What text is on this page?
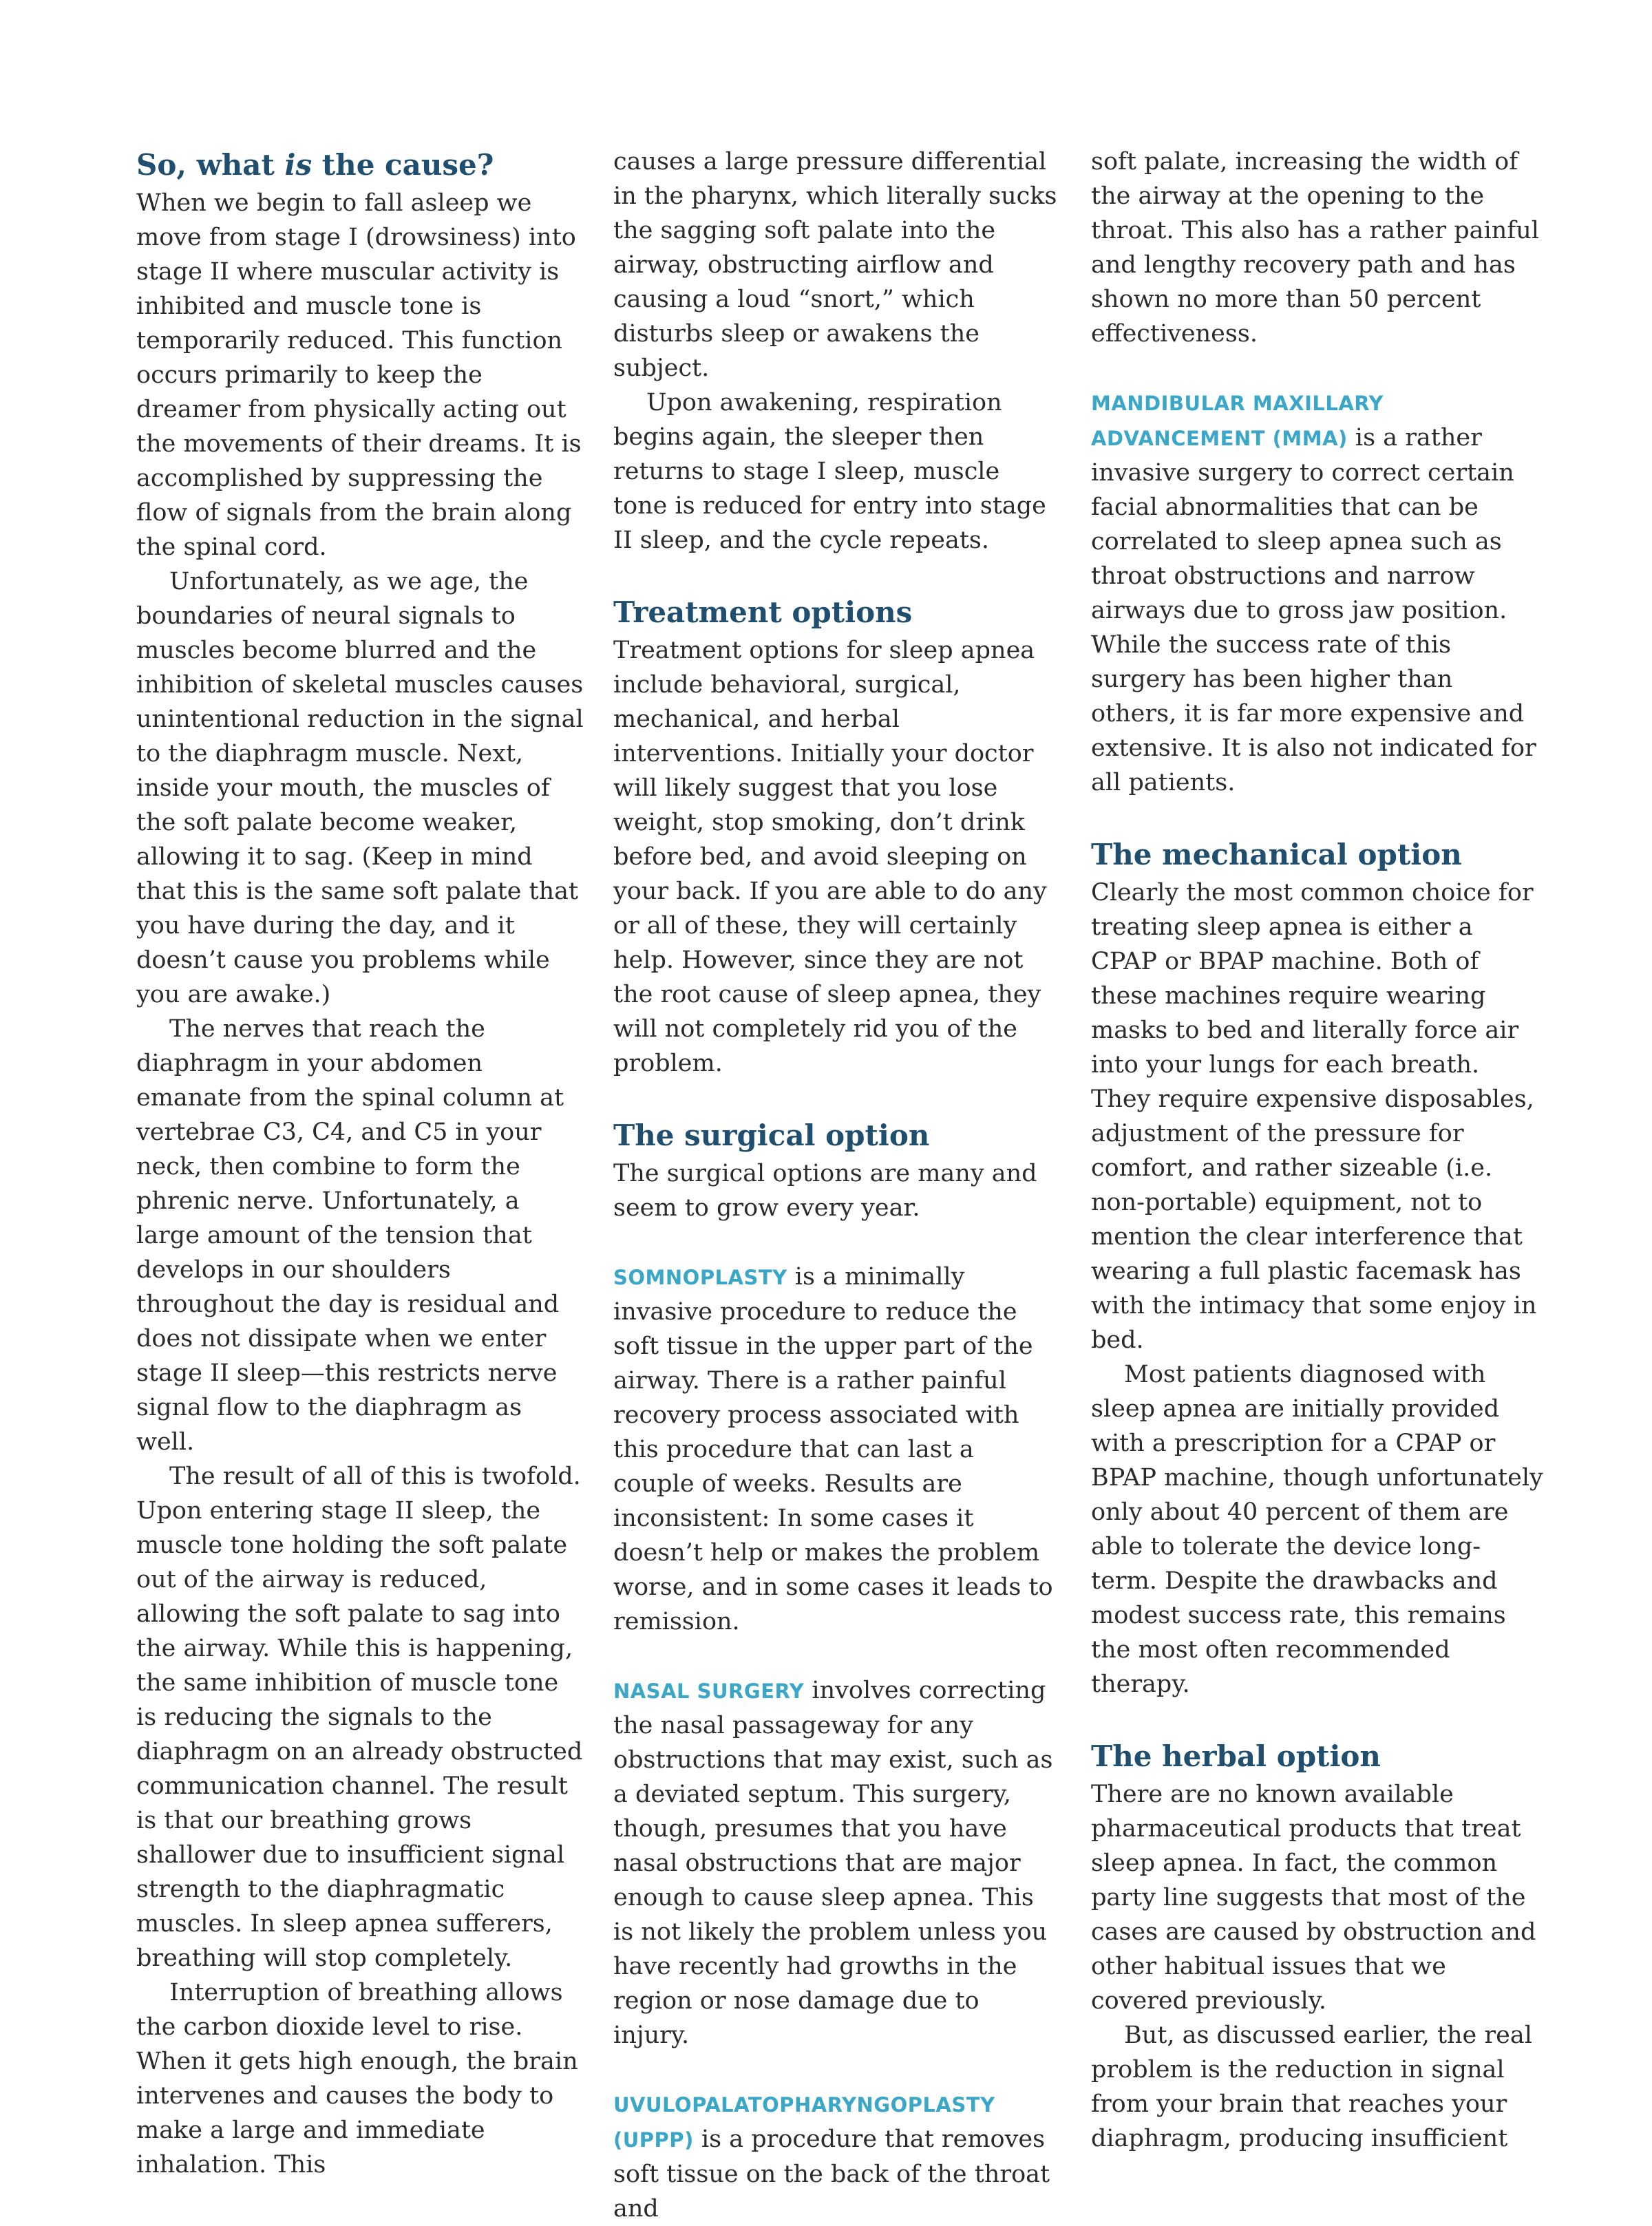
So, what is the cause?

When we begin to fall asleep we move from stage I (drowsiness) into stage II where muscular activity is inhibited and muscle tone is temporarily reduced. This function occurs primarily to keep the dreamer from physically acting out the movements of their dreams. It is accomplished by suppressing the flow of signals from the brain along the spinal cord.

Unfortunately, as we age, the boundaries of neural signals to muscles become blurred and the inhibition of skeletal muscles causes unintentional reduction in the signal to the diaphragm muscle. Next, inside your mouth, the muscles of the soft palate become weaker, allowing it to sag. (Keep in mind that this is the same soft palate that you have during the day, and it doesn’t cause you problems while you are awake.)

The nerves that reach the diaphragm in your abdomen emanate from the spinal column at vertebrae C3, C4, and C5 in your neck, then combine to form the phrenic nerve. Unfortunately, a large amount of the tension that develops in our shoulders throughout the day is residual and does not dissipate when we enter stage II sleep—this restricts nerve signal flow to the diaphragm as well.

The result of all of this is twofold. Upon entering stage II sleep, the muscle tone holding the soft palate out of the airway is reduced, allowing the soft palate to sag into the airway. While this is happening, the same inhibition of muscle tone is reducing the signals to the diaphragm on an already obstructed communication channel. The result is that our breathing grows shallower due to insufficient signal strength to the diaphragmatic muscles. In sleep apnea sufferers, breathing will stop completely.

Interruption of breathing allows the carbon dioxide level to rise. When it gets high enough, the brain intervenes and causes the body to make a large and immediate inhalation. This

causes a large pressure differential in the pharynx, which literally sucks the sagging soft palate into the airway, obstructing airflow and causing a loud “snort,” which disturbs sleep or awakens the subject.

Upon awakening, respiration begins again, the sleeper then returns to stage I sleep, muscle tone is reduced for entry into stage II sleep, and the cycle repeats.

Treatment options

Treatment options for sleep apnea include behavioral, surgical, mechanical, and herbal interventions. Initially your doctor will likely suggest that you lose weight, stop smoking, don’t drink before bed, and avoid sleeping on your back. If you are able to do any or all of these, they will certainly help. However, since they are not the root cause of sleep apnea, they will not completely rid you of the problem.

The surgical option

The surgical options are many and seem to grow every year.

SOMNOPLASTY is a minimally invasive procedure to reduce the soft tissue in the upper part of the airway. There is a rather painful recovery process associated with this procedure that can last a couple of weeks. Results are inconsistent: In some cases it doesn’t help or makes the problem worse, and in some cases it leads to remission.

NASAL SURGERY involves correcting the nasal passageway for any obstructions that may exist, such as a deviated septum. This surgery, though, presumes that you have nasal obstructions that are major enough to cause sleep apnea. This is not likely the problem unless you have recently had growths in the region or nose damage due to injury.

UVULOPALATOPHARYNGOPLASTY (UPPP) is a procedure that removes soft tissue on the back of the throat and

soft palate, increasing the width of the airway at the opening to the throat. This also has a rather painful and lengthy recovery path and has shown no more than 50 percent effectiveness.

MANDIBULAR MAXILLARY ADVANCEMENT (MMA) is a rather invasive surgery to correct certain facial abnormalities that can be correlated to sleep apnea such as throat obstructions and narrow airways due to gross jaw position. While the success rate of this surgery has been higher than others, it is far more expensive and extensive. It is also not indicated for all patients.

The mechanical option

Clearly the most common choice for treating sleep apnea is either a CPAP or BPAP machine. Both of these machines require wearing masks to bed and literally force air into your lungs for each breath. They require expensive disposables, adjustment of the pressure for comfort, and rather sizeable (i.e. non-portable) equipment, not to mention the clear interference that wearing a full plastic facemask has with the intimacy that some enjoy in bed.

Most patients diagnosed with sleep apnea are initially provided with a prescription for a CPAP or BPAP machine, though unfortunately only about 40 percent of them are able to tolerate the device long-term. Despite the drawbacks and modest success rate, this remains the most often recommended therapy.

The herbal option

There are no known available pharmaceutical products that treat sleep apnea. In fact, the common party line suggests that most of the cases are caused by obstruction and other habitual issues that we covered previously.

But, as discussed earlier, the real problem is the reduction in signal from your brain that reaches your diaphragm, producing insufficient
